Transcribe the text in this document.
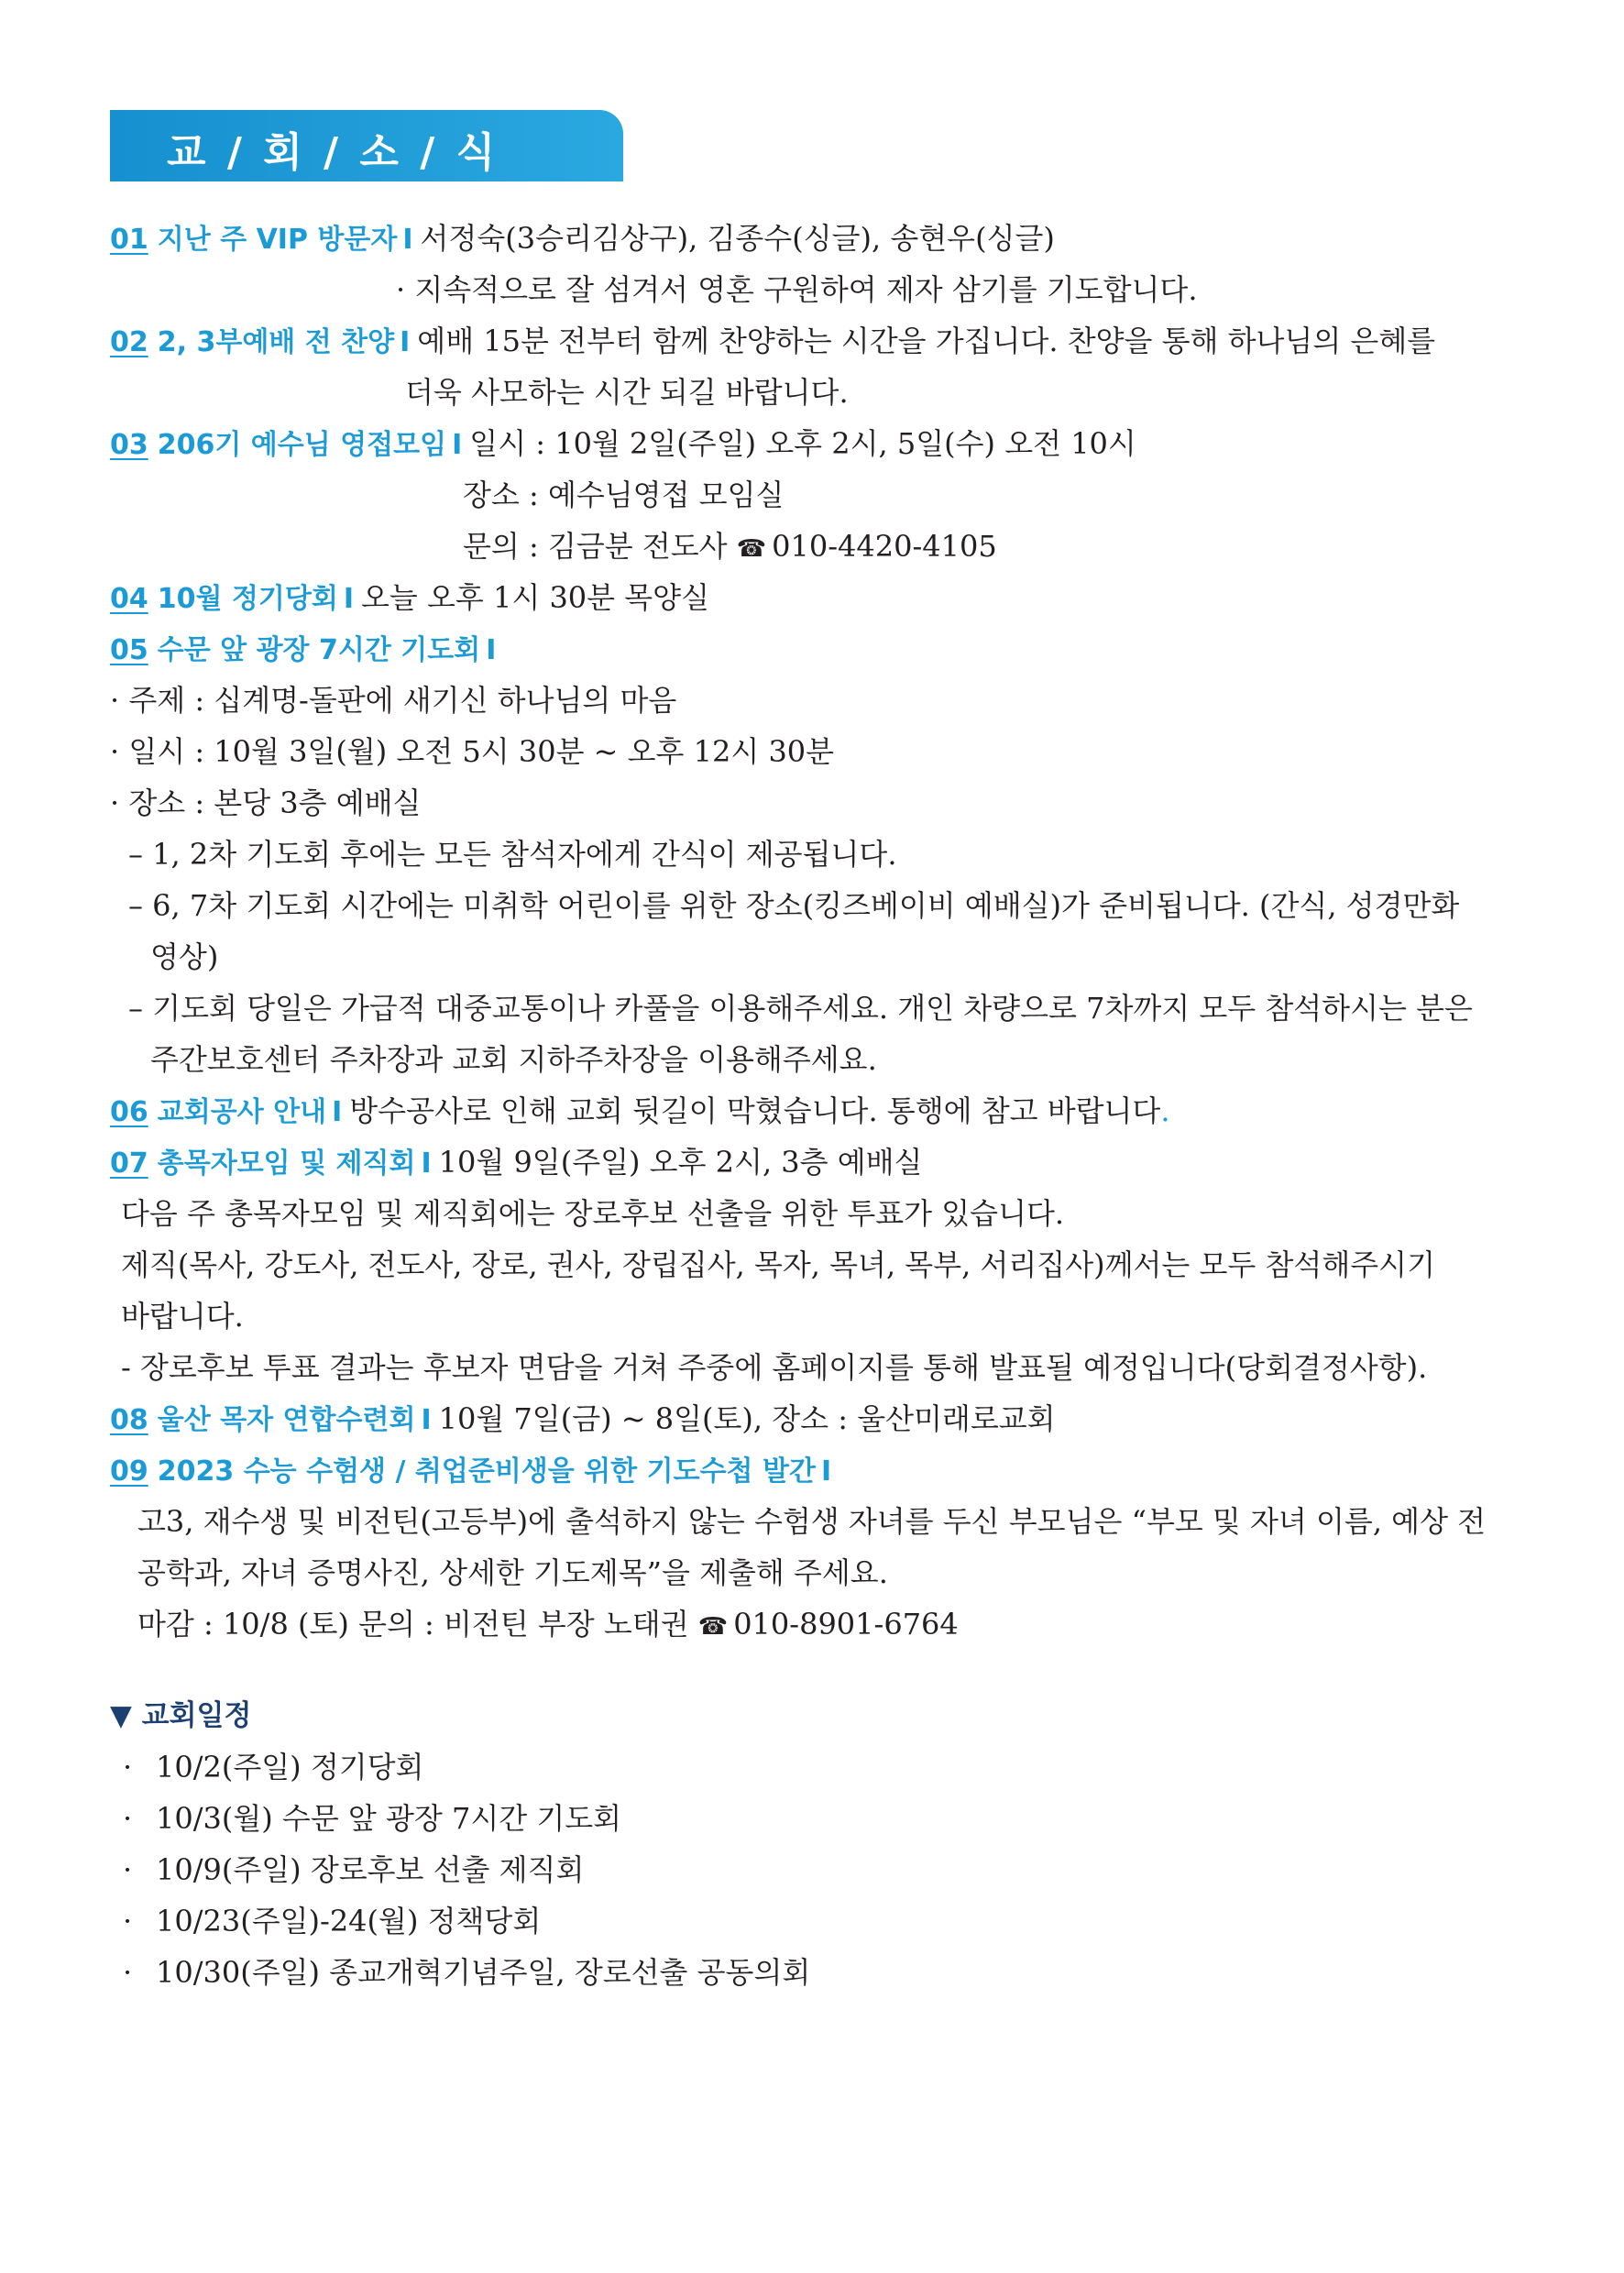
교 / 회 / 소 / 식
01 지난 주 VIP 방문자 I 서정숙(3승리김상구), 김종수(싱글), 송현우(싱글)
· 지속적으로 잘 섬겨서 영혼 구원하여 제자 삼기를 기도합니다.
02 2, 3부예배 전 찬양 I 예배 15분 전부터 함께 찬양하는 시간을 가집니다. 찬양을 통해 하나님의 은혜를
더욱 사모하는 시간 되길 바랍니다.
03 206기 예수님 영접모임 I 일시 : 10월 2일(주일) 오후 2시, 5일(수) 오전 10시
장소 : 예수님영접 모임실
문의 : 김금분 전도사 ☎ 010-4420-4105
04 10월 정기당회 I 오늘 오후 1시 30분 목양실
05 수문 앞 광장 7시간 기도회 I
· 주제 : 십계명-돌판에 새기신 하나님의 마음
· 일시 : 10월 3일(월) 오전 5시 30분 ~ 오후 12시 30분
· 장소 : 본당 3층 예배실
– 1, 2차 기도회 후에는 모든 참석자에게 간식이 제공됩니다.
– 6, 7차 기도회 시간에는 미취학 어린이를 위한 장소(킹즈베이비 예배실)가 준비됩니다. (간식, 성경만화
영상)
– 기도회 당일은 가급적 대중교통이나 카풀을 이용해주세요. 개인 차량으로 7차까지 모두 참석하시는 분은
주간보호센터 주차장과 교회 지하주차장을 이용해주세요.
06 교회공사 안내 I 방수공사로 인해 교회 뒷길이 막혔습니다. 통행에 참고 바랍니다.
07 총목자모임 및 제직회 I 10월 9일(주일) 오후 2시, 3층 예배실
다음 주 총목자모임 및 제직회에는 장로후보 선출을 위한 투표가 있습니다.
제직(목사, 강도사, 전도사, 장로, 권사, 장립집사, 목자, 목녀, 목부, 서리집사)께서는 모두 참석해주시기
바랍니다.
- 장로후보 투표 결과는 후보자 면담을 거쳐 주중에 홈페이지를 통해 발표될 예정입니다(당회결정사항).
08 울산 목자 연합수련회 I 10월 7일(금) ~ 8일(토), 장소 : 울산미래로교회
09 2023 수능 수험생 / 취업준비생을 위한 기도수첩 발간 I
고3, 재수생 및 비전틴(고등부)에 출석하지 않는 수험생 자녀를 두신 부모님은 “부모 및 자녀 이름, 예상 전
공학과, 자녀 증명사진, 상세한 기도제목”을 제출해 주세요.
마감 : 10/8 (토) 문의 : 비전틴 부장 노태권 ☎ 010-8901-6764
▼ 교회일정
· 10/2(주일) 정기당회
· 10/3(월) 수문 앞 광장 7시간 기도회
· 10/9(주일) 장로후보 선출 제직회
· 10/23(주일)-24(월) 정책당회
· 10/30(주일) 종교개혁기념주일, 장로선출 공동의회
